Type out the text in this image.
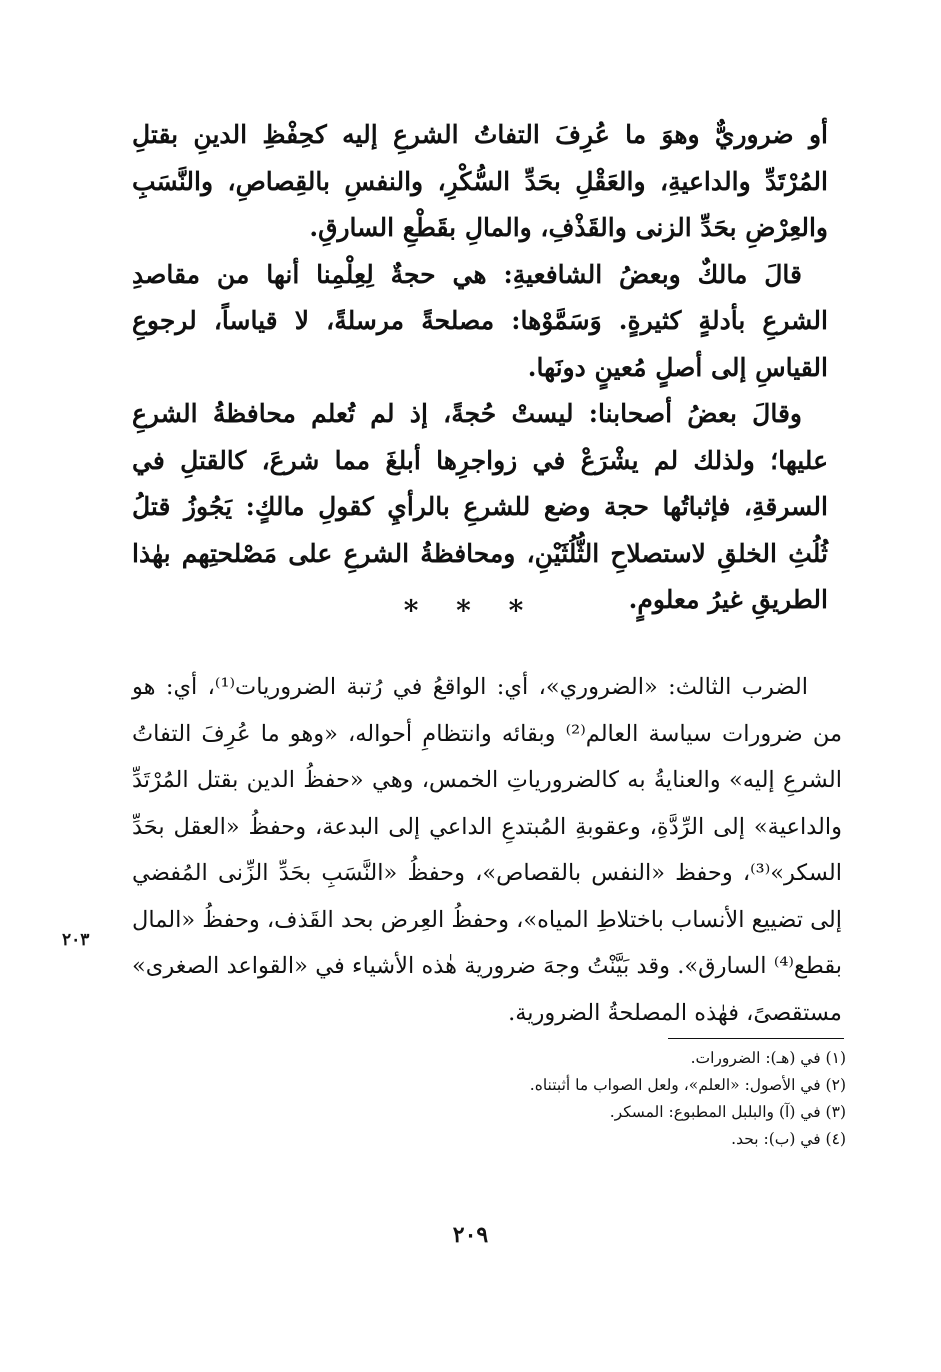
أو ضروريٌّ وهوَ ما عُرِفَ التفاتُ الشرعِ إليه كحِفْظِ الدينِ بقتلِ المُرْتَدِّ والداعيةِ، والعَقْلِ بحَدِّ السُّكْرِ، والنفسِ بالقِصاصِ، والنَّسَبِ والعِرْضِ بحَدِّ الزنى والقَذْفِ، والمالِ بقَطْعِ السارقِ.

قالَ مالكٌ وبعضُ الشافعيةِ: هي حجةٌ لِعِلْمِنا أنها من مقاصدِ الشرعِ بأدلةٍ كثيرةٍ. وَسَمَّوْها: مصلحةً مرسلةً، لا قياساً، لرجوعِ القياسِ إلى أصلٍ مُعينٍ دونَها.

وقالَ بعضُ أصحابنا: ليستْ حُجةً، إذ لم تُعلم محافظةُ الشرعِ عليها؛ ولذلك لم يشْرَعْ في زواجرِها أبلغَ مما شرعَ، كالقتلِ في السرقةِ، فإثباتُها حجة وضع للشرعِ بالرأيِ كقولِ مالكٍ: يَجُوزُ قتلُ ثُلُثِ الخلقِ لاستصلاحِ الثُّلُثَيْنِ، ومحافظةُ الشرعِ على مَصْلحتِهم بهٰذا الطريقِ غيرُ معلومٍ.

* * *

الضرب الثالث: «الضروري»، أي: الواقعُ في رُتبة الضروريات⁽¹⁾، أي: هو من ضرورات سياسة العالم⁽²⁾ وبقائه وانتظامِ أحواله، «وهو ما عُرِفَ التفاتُ الشرعِ إليه» والعنايةُ به كالضرورياتِ الخمس، وهي «حفظُ الدين بقتل المُرْتَدِّ والداعية» إلى الرِّدَّةِ، وعقوبةِ المُبتدعِ الداعي إلى البدعة، وحفظُ «العقل بحَدِّ السكر»⁽³⁾، وحفظ «النفس بالقصاص»، وحفظُ «النَّسَبِ بحَدِّ الزِّنى المُفضي إلى تضييع الأنساب باختلاطِ المياه»، وحفظُ العِرض بحد القَذف، وحفظُ «المال بقطع⁽⁴⁾ السارق». وقد بَيَّنْتُ وجهَ ضرورية هٰذه الأشياء في «القواعد الصغرى» مستقصىً، فهٰذه المصلحةُ الضرورية.

٢٠٣
(١) في (هـ): الضرورات.
(٢) في الأصول: «العلم»، ولعل الصواب ما أثبتناه.
(٣) في (آ) والبلبل المطبوع: المسكر.
(٤) في (ب): بحد.
٢٠٩
